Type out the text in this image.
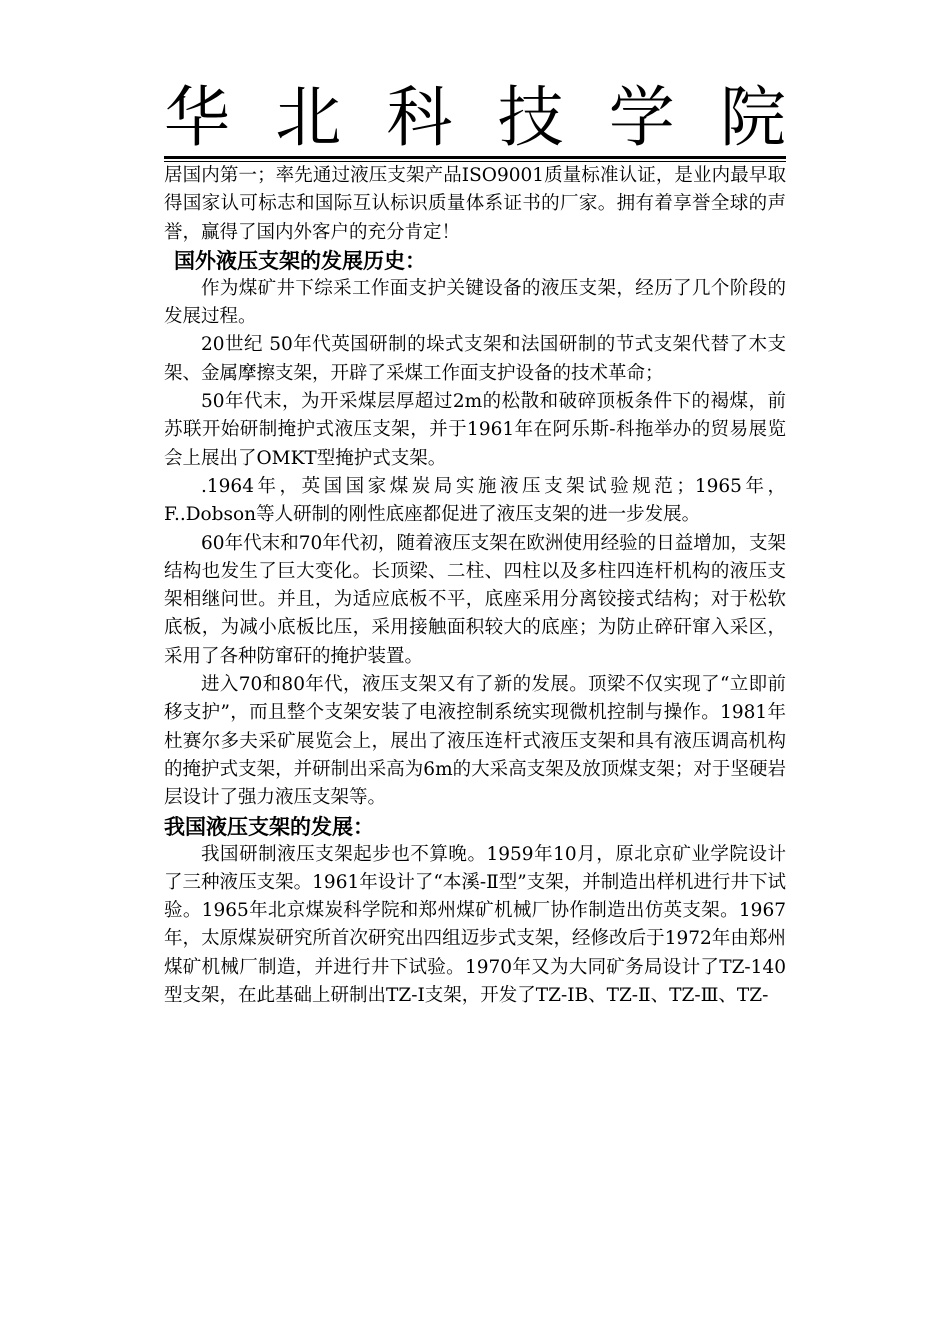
华 北 科 技 学 院

居国内第一；率先通过液压支架产品ISO9001质量标准认证，是业内最早取得国家认可标志和国际互认标识质量体系证书的厂家。拥有着享誉全球的声誉，赢得了国内外客户的充分肯定！

国外液压支架的发展历史：

作为煤矿井下综采工作面支护关键设备的液压支架，经历了几个阶段的发展过程。

20世纪 50年代英国研制的垛式支架和法国研制的节式支架代替了木支架、金属摩擦支架，开辟了采煤工作面支护设备的技术革命；

50年代末，为开采煤层厚超过2m的松散和破碎顶板条件下的褐煤，前苏联开始研制掩护式液压支架，并于1961年在阿乐斯-科拖举办的贸易展览会上展出了OMKT型掩护式支架。

.1964年，英国国家煤炭局实施液压支架试验规范；1965年，F..Dobson等人研制的刚性底座都促进了液压支架的进一步发展。

60年代末和70年代初，随着液压支架在欧洲使用经验的日益增加，支架结构也发生了巨大变化。长顶梁、二柱、四柱以及多柱四连杆机构的液压支架相继问世。并且，为适应底板不平，底座采用分离铰接式结构；对于松软底板，为减小底板比压，采用接触面积较大的底座；为防止碎矸窜入采区，采用了各种防窜矸的掩护装置。

进入70和80年代，液压支架又有了新的发展。顶梁不仅实现了“立即前移支护”，而且整个支架安装了电液控制系统实现微机控制与操作。1981年杜赛尔多夫采矿展览会上，展出了液压连杆式液压支架和具有液压调高机构的掩护式支架，并研制出采高为6m的大采高支架及放顶煤支架；对于坚硬岩层设计了强力液压支架等。

我国液压支架的发展：

我国研制液压支架起步也不算晚。1959年10月，原北京矿业学院设计了三种液压支架。1961年设计了“本溪-Ⅱ型”支架，并制造出样机进行井下试验。1965年北京煤炭科学院和郑州煤矿机械厂协作制造出仿英支架。1967年，太原煤炭研究所首次研究出四组迈步式支架，经修改后于1972年由郑州煤矿机械厂制造，并进行井下试验。1970年又为大同矿务局设计了TZ-140型支架，在此基础上研制出TZ-Ⅰ支架，开发了TZ-IB、TZ-Ⅱ、TZ-Ⅲ、TZ-
